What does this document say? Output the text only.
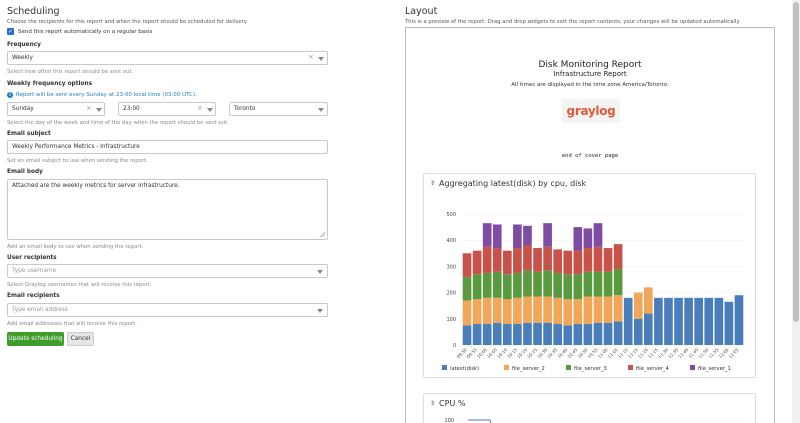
Scheduling
Choose the recipients for this report and when the report should be scheduled for delivery.
✓ Send this report automatically on a regular basis
Frequency
Weekly	×
Select how often this report should be sent out.
Weekly frequency options
i Report will be sent every Sunday at 23:00 local time (03:00 UTC).
Sunday	×	23:00	×	Toronto
Select the day of the week and time of the day when the report should be sent out.
Email subject
Weekly Performance Metrics - Infrastructure
Set an email subject to use when sending the report.
Email body
Attached are the weekly metrics for server infrastructure.
Add an email body to use when sending the report.
User recipients
Type username
Select Graylog usernames that will receive this report.
Email recipients
Type email address
Add email addresses that will receive this report.
Update scheduling	Cancel
Layout
This is a preview of the report. Drag and drop widgets to sort the report contents, your changes will be updated automatically.
Disk Monitoring Report
Infrastructure Report
All times are displayed in the time zone America/Toronto.
graylog
end of cover page
⇕ Aggregating latest(disk) by cpu, disk
0
100
200
300
400
500
09:50
09:55
10:00
10:05
10:10
10:15
10:20
10:25
10:30
10:35
10:40
10:45
10:50
10:55
11:00
11:05
11:10
11:15
11:20
11:25
11:30
11:35
11:40
11:45
11:50
11:55
12:00
12:05
latest(disk)	file_server_2	file_server_3	file_server_4	file_server_1
⇕ CPU %
100
